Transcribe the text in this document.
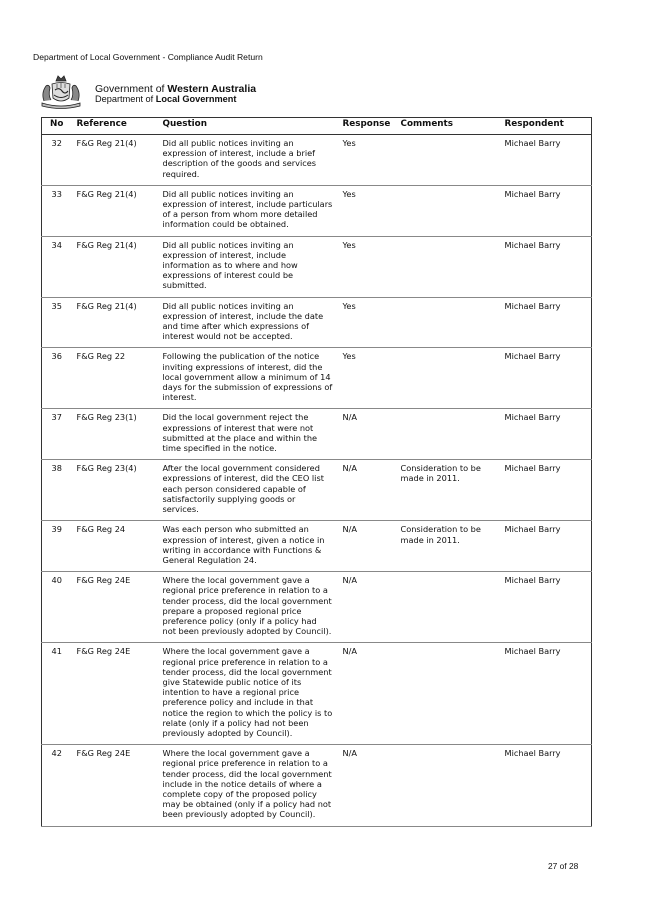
Department of Local Government - Compliance Audit Return
Government of Western Australia
Department of Local Government
No	Reference	Question	Response	Comments	Respondent
32	F&G Reg 21(4)	Did all public notices inviting an expression of interest, include a brief description of the goods and services required.	Yes		Michael Barry
33	F&G Reg 21(4)	Did all public notices inviting an expression of interest, include particulars of a person from whom more detailed information could be obtained.	Yes		Michael Barry
34	F&G Reg 21(4)	Did all public notices inviting an expression of interest, include information as to where and how expressions of interest could be submitted.	Yes		Michael Barry
35	F&G Reg 21(4)	Did all public notices inviting an expression of interest, include the date and time after which expressions of interest would not be accepted.	Yes		Michael Barry
36	F&G Reg 22	Following the publication of the notice inviting expressions of interest, did the local government allow a minimum of 14 days for the submission of expressions of interest.	Yes		Michael Barry
37	F&G Reg 23(1)	Did the local government reject the expressions of interest that were not submitted at the place and within the time specified in the notice.	N/A		Michael Barry
38	F&G Reg 23(4)	After the local government considered expressions of interest, did the CEO list each person considered capable of satisfactorily supplying goods or services.	N/A	Consideration to be made in 2011.	Michael Barry
39	F&G Reg 24	Was each person who submitted an expression of interest, given a notice in writing in accordance with Functions & General Regulation 24.	N/A	Consideration to be made in 2011.	Michael Barry
40	F&G Reg 24E	Where the local government gave a regional price preference in relation to a tender process, did the local government prepare a proposed regional price preference policy (only if a policy had not been previously adopted by Council).	N/A		Michael Barry
41	F&G Reg 24E	Where the local government gave a regional price preference in relation to a tender process, did the local government give Statewide public notice of its intention to have a regional price preference policy and include in that notice the region to which the policy is to relate (only if a policy had not been previously adopted by Council).	N/A		Michael Barry
42	F&G Reg 24E	Where the local government gave a regional price preference in relation to a tender process, did the local government include in the notice details of where a complete copy of the proposed policy may be obtained (only if a policy had not been previously adopted by Council).	N/A		Michael Barry
27 of 28
